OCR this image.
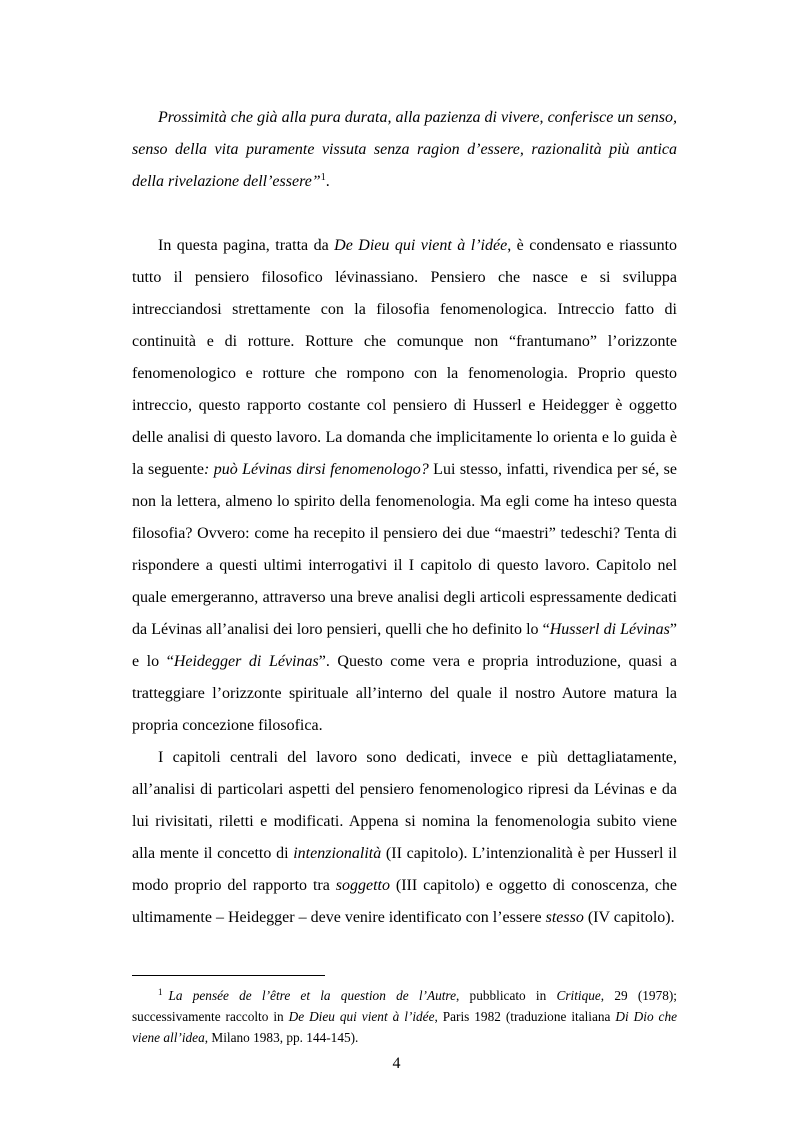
Prossimità che già alla pura durata, alla pazienza di vivere, conferisce un senso, senso della vita puramente vissuta senza ragion d’essere, razionalità più antica della rivelazione dell’essere”$^1$.

In questa pagina, tratta da De Dieu qui vient à l’idée, è condensato e riassunto tutto il pensiero filosofico lévinassiano. Pensiero che nasce e si sviluppa intrecciandosi strettamente con la filosofia fenomenologica. Intreccio fatto di continuità e di rotture. Rotture che comunque non “frantumano” l’orizzonte fenomenologico e rotture che rompono con la fenomenologia. Proprio questo intreccio, questo rapporto costante col pensiero di Husserl e Heidegger è oggetto delle analisi di questo lavoro. La domanda che implicitamente lo orienta e lo guida è la seguente: può Lévinas dirsi fenomenologo? Lui stesso, infatti, rivendica per sé, se non la lettera, almeno lo spirito della fenomenologia. Ma egli come ha inteso questa filosofia? Ovvero: come ha recepito il pensiero dei due “maestri” tedeschi? Tenta di rispondere a questi ultimi interrogativi il I capitolo di questo lavoro. Capitolo nel quale emergeranno, attraverso una breve analisi degli articoli espressamente dedicati da Lévinas all’analisi dei loro pensieri, quelli che ho definito lo “Husserl di Lévinas” e lo “Heidegger di Lévinas”. Questo come vera e propria introduzione, quasi a tratteggiare l’orizzonte spirituale all’interno del quale il nostro Autore matura la propria concezione filosofica.

I capitoli centrali del lavoro sono dedicati, invece e più dettagliatamente, all’analisi di particolari aspetti del pensiero fenomenologico ripresi da Lévinas e da lui rivisitati, riletti e modificati. Appena si nomina la fenomenologia subito viene alla mente il concetto di intenzionalità (II capitolo). L’intenzionalità è per Husserl il modo proprio del rapporto tra soggetto (III capitolo) e oggetto di conoscenza, che ultimamente – Heidegger – deve venire identificato con l’essere stesso (IV capitolo).

$^1$ La pensée de l’être et la question de l’Autre, pubblicato in Critique, 29 (1978); successivamente raccolto in De Dieu qui vient à l’idée, Paris 1982 (traduzione italiana Di Dio che viene all’idea, Milano 1983, pp. 144-145).
4
